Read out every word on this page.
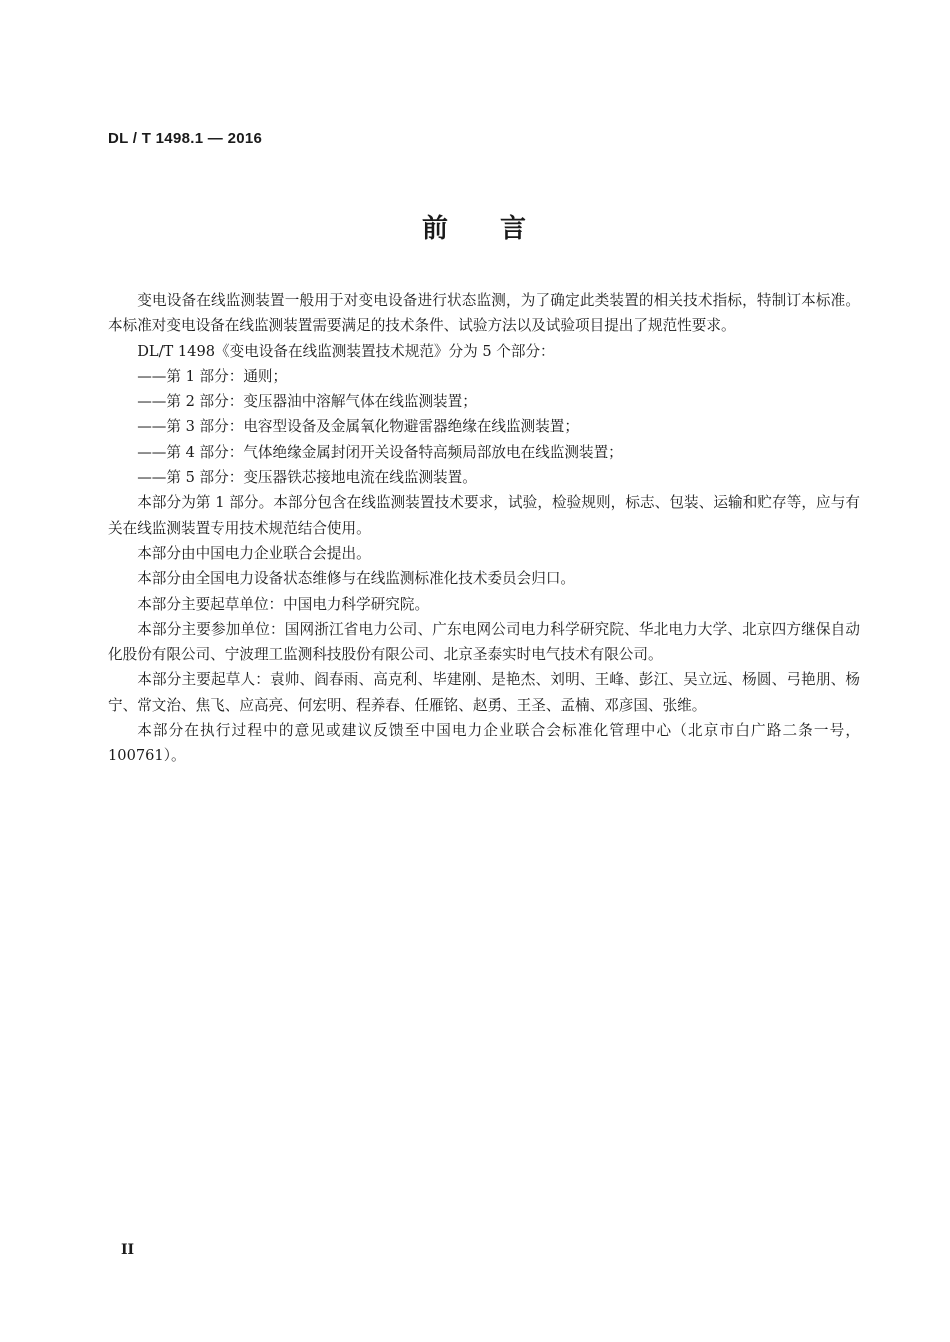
DL / T 1498.1 — 2016
前 言

变电设备在线监测装置一般用于对变电设备进行状态监测，为了确定此类装置的相关技术指标，特制订本标准。本标准对变电设备在线监测装置需要满足的技术条件、试验方法以及试验项目提出了规范性要求。

DL/T 1498《变电设备在线监测装置技术规范》分为 5 个部分：

——第 1 部分：通则；

——第 2 部分：变压器油中溶解气体在线监测装置；

——第 3 部分：电容型设备及金属氧化物避雷器绝缘在线监测装置；

——第 4 部分：气体绝缘金属封闭开关设备特高频局部放电在线监测装置；

——第 5 部分：变压器铁芯接地电流在线监测装置。

本部分为第 1 部分。本部分包含在线监测装置技术要求，试验，检验规则，标志、包装、运输和贮存等，应与有关在线监测装置专用技术规范结合使用。

本部分由中国电力企业联合会提出。

本部分由全国电力设备状态维修与在线监测标准化技术委员会归口。

本部分主要起草单位：中国电力科学研究院。

本部分主要参加单位：国网浙江省电力公司、广东电网公司电力科学研究院、华北电力大学、北京四方继保自动化股份有限公司、宁波理工监测科技股份有限公司、北京圣泰实时电气技术有限公司。

本部分主要起草人：袁帅、阎春雨、高克利、毕建刚、是艳杰、刘明、王峰、彭江、吴立远、杨圆、弓艳朋、杨宁、常文治、焦飞、应高亮、何宏明、程养春、任雁铭、赵勇、王圣、孟楠、邓彦国、张维。

本部分在执行过程中的意见或建议反馈至中国电力企业联合会标准化管理中心（北京市白广路二条一号，100761）。

II
